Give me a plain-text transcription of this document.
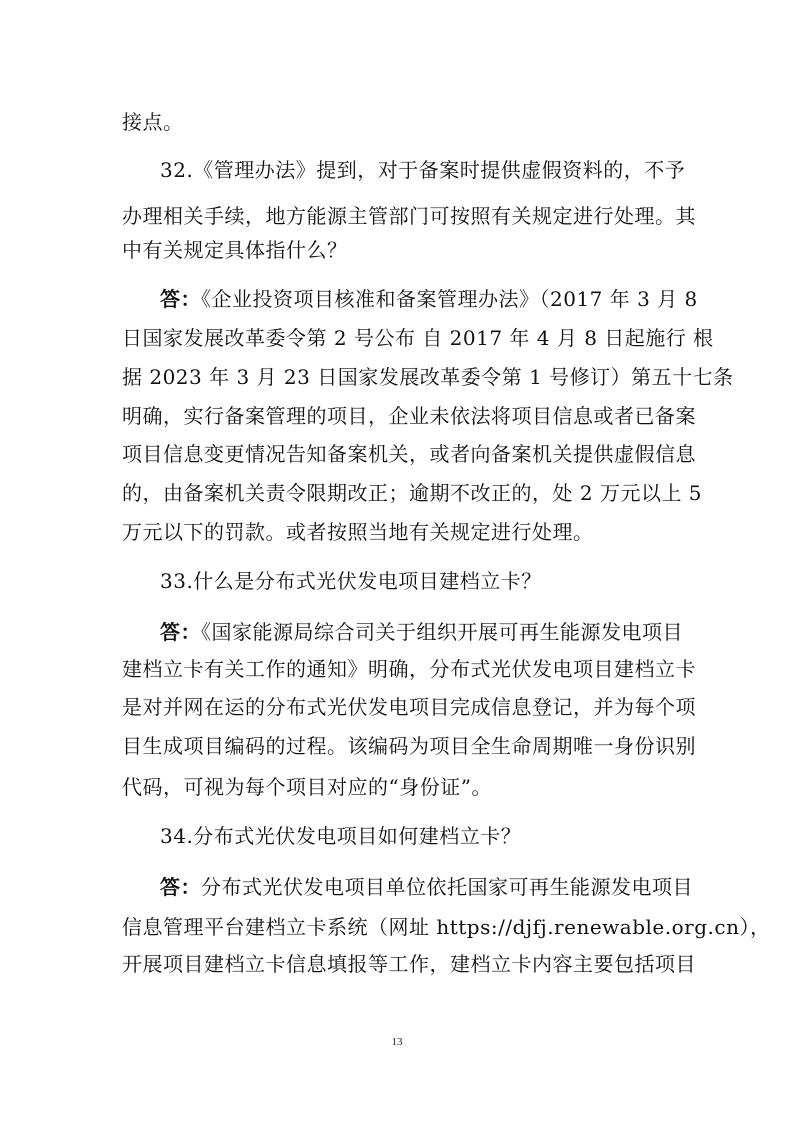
接点。
32.《管理办法》提到，对于备案时提供虚假资料的，不予
办理相关手续，地方能源主管部门可按照有关规定进行处理。其
中有关规定具体指什么？
答：《企业投资项目核准和备案管理办法》（2017 年 3 月 8
日国家发展改革委令第 2 号公布 自 2017 年 4 月 8 日起施行 根
据 2023 年 3 月 23 日国家发展改革委令第 1 号修订）第五十七条
明确，实行备案管理的项目，企业未依法将项目信息或者已备案
项目信息变更情况告知备案机关，或者向备案机关提供虚假信息
的，由备案机关责令限期改正；逾期不改正的，处 2 万元以上 5
万元以下的罚款。或者按照当地有关规定进行处理。
33.什么是分布式光伏发电项目建档立卡？
答：《国家能源局综合司关于组织开展可再生能源发电项目
建档立卡有关工作的通知》明确，分布式光伏发电项目建档立卡
是对并网在运的分布式光伏发电项目完成信息登记，并为每个项
目生成项目编码的过程。该编码为项目全生命周期唯一身份识别
代码，可视为每个项目对应的“身份证”。
34.分布式光伏发电项目如何建档立卡？
答：分布式光伏发电项目单位依托国家可再生能源发电项目
信息管理平台建档立卡系统（网址 https://djfj.renewable.org.cn），
开展项目建档立卡信息填报等工作，建档立卡内容主要包括项目
13
